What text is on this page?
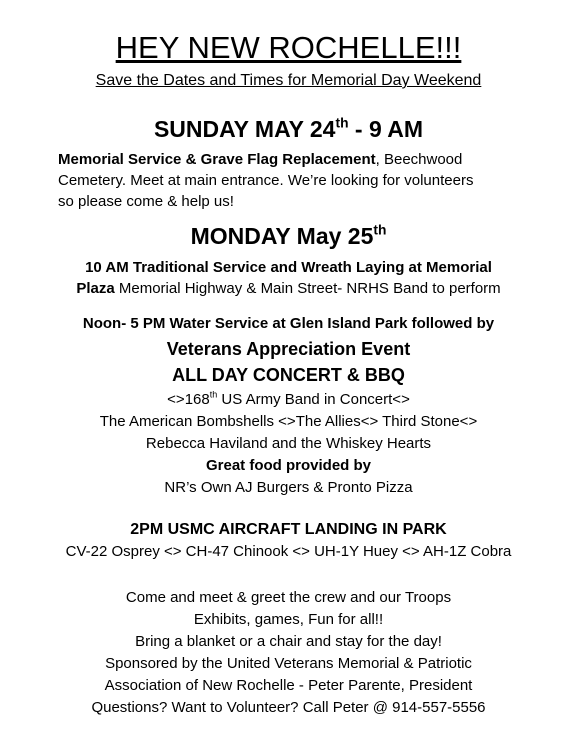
HEY NEW ROCHELLE!!!
Save the Dates and Times for Memorial Day Weekend
SUNDAY MAY 24th - 9 AM
Memorial Service & Grave Flag Replacement, Beechwood
Cemetery. Meet at main entrance. We’re looking for volunteers
so please come & help us!
MONDAY May 25th
10 AM Traditional Service and Wreath Laying at Memorial
Plaza Memorial Highway & Main Street- NRHS Band to perform
Noon- 5 PM Water Service at Glen Island Park followed by
Veterans Appreciation Event
ALL DAY CONCERT & BBQ
<>168th US Army Band in Concert<>
The American Bombshells <>The Allies<> Third Stone<>
Rebecca Haviland and the Whiskey Hearts
Great food provided by
NR’s Own AJ Burgers & Pronto Pizza
2PM USMC AIRCRAFT LANDING IN PARK
CV-22 Osprey <> CH-47 Chinook <> UH-1Y Huey <> AH-1Z Cobra
Come and meet & greet the crew and our Troops
Exhibits, games, Fun for all!!
Bring a blanket or a chair and stay for the day!
Sponsored by the United Veterans Memorial & Patriotic
Association of New Rochelle - Peter Parente, President
Questions? Want to Volunteer? Call Peter @ 914-557-5556
